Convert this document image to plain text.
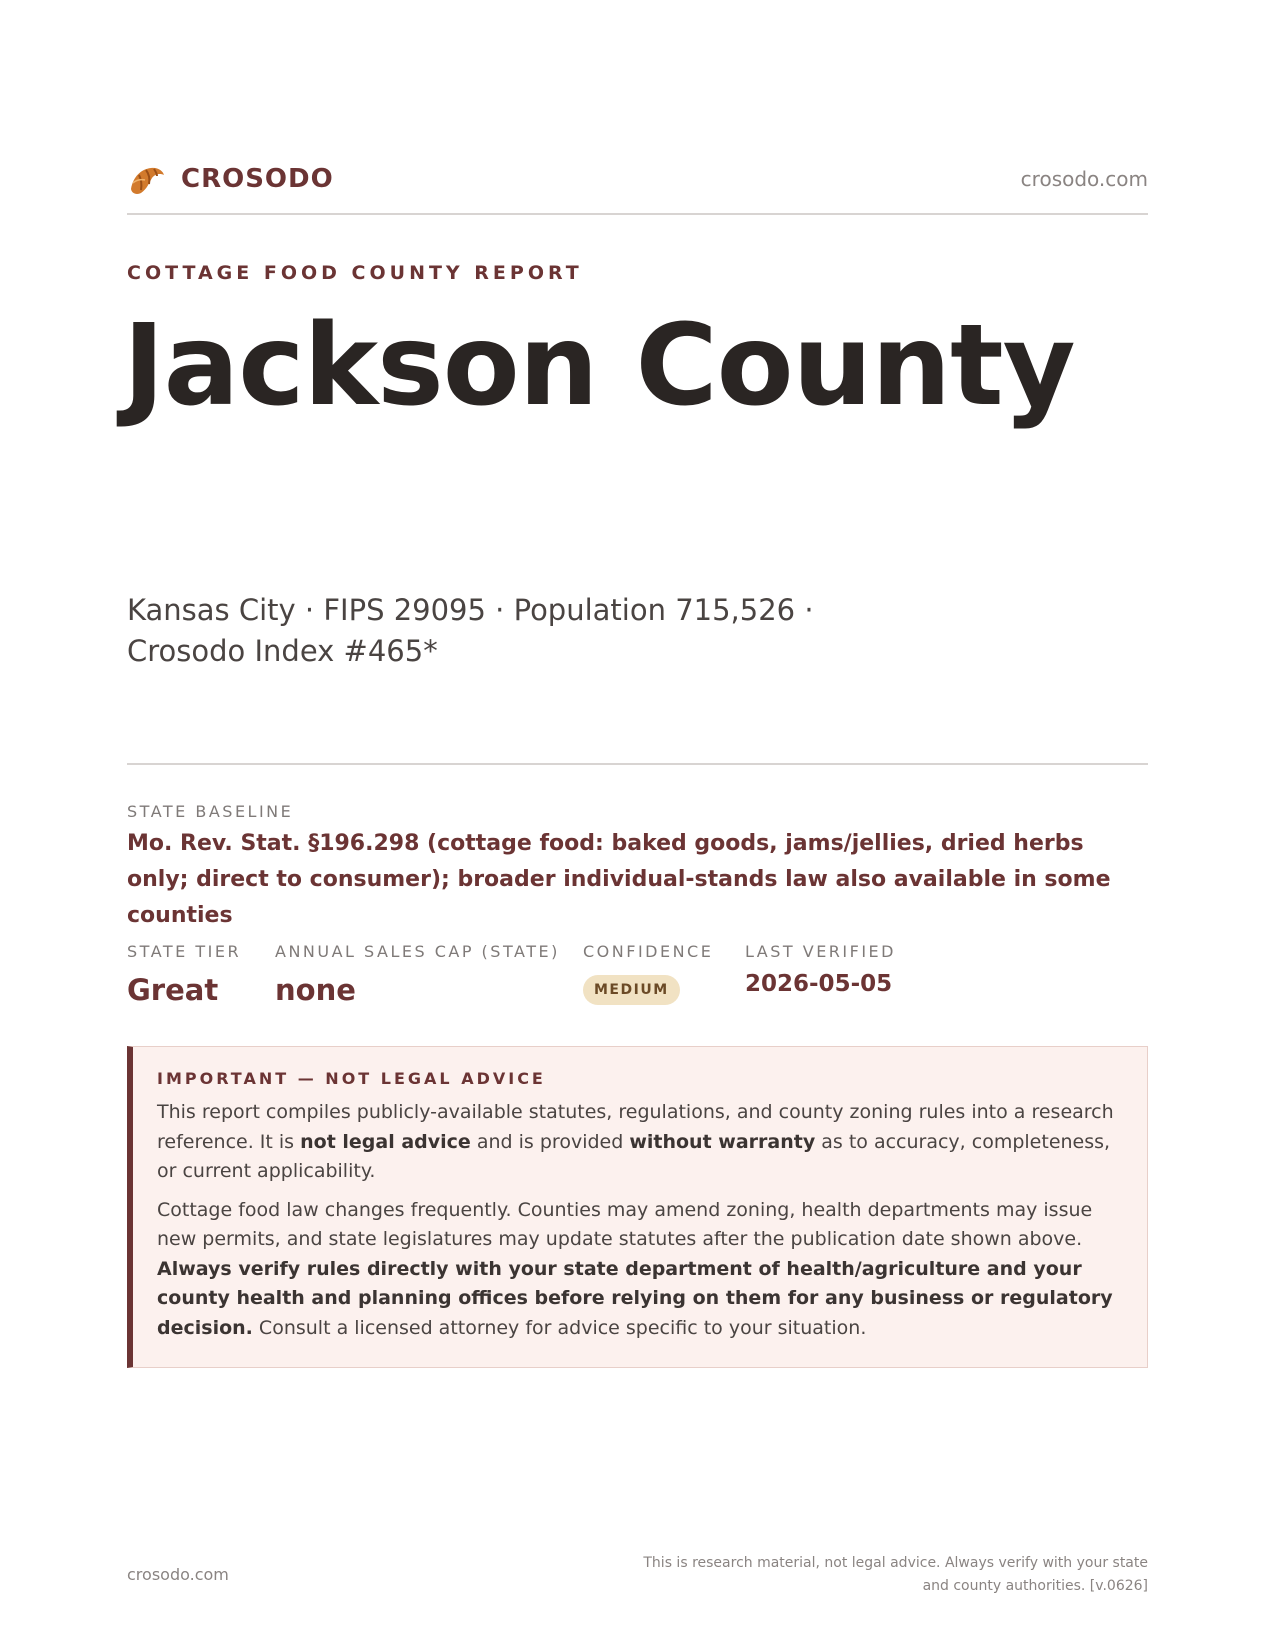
CROSODO	crosodo.com
COTTAGE FOOD COUNTY REPORT
Jackson County
Kansas City · FIPS 29095 · Population 715,526 · Crosodo Index #465*
STATE BASELINE
Mo. Rev. Stat. §196.298 (cottage food: baked goods, jams/jellies, dried herbs only; direct to consumer); broader individual-stands law also available in some counties
STATE TIER
Great
ANNUAL SALES CAP (STATE)
none
CONFIDENCE
MEDIUM
LAST VERIFIED
2026-05-05
IMPORTANT — NOT LEGAL ADVICE

This report compiles publicly-available statutes, regulations, and county zoning rules into a research reference. It is not legal advice and is provided without warranty as to accuracy, completeness, or current applicability.

Cottage food law changes frequently. Counties may amend zoning, health departments may issue new permits, and state legislatures may update statutes after the publication date shown above. Always verify rules directly with your state department of health/agriculture and your county health and planning offices before relying on them for any business or regulatory decision. Consult a licensed attorney for advice specific to your situation.

crosodo.com
This is research material, not legal advice. Always verify with your state
and county authorities. [v.0626]
